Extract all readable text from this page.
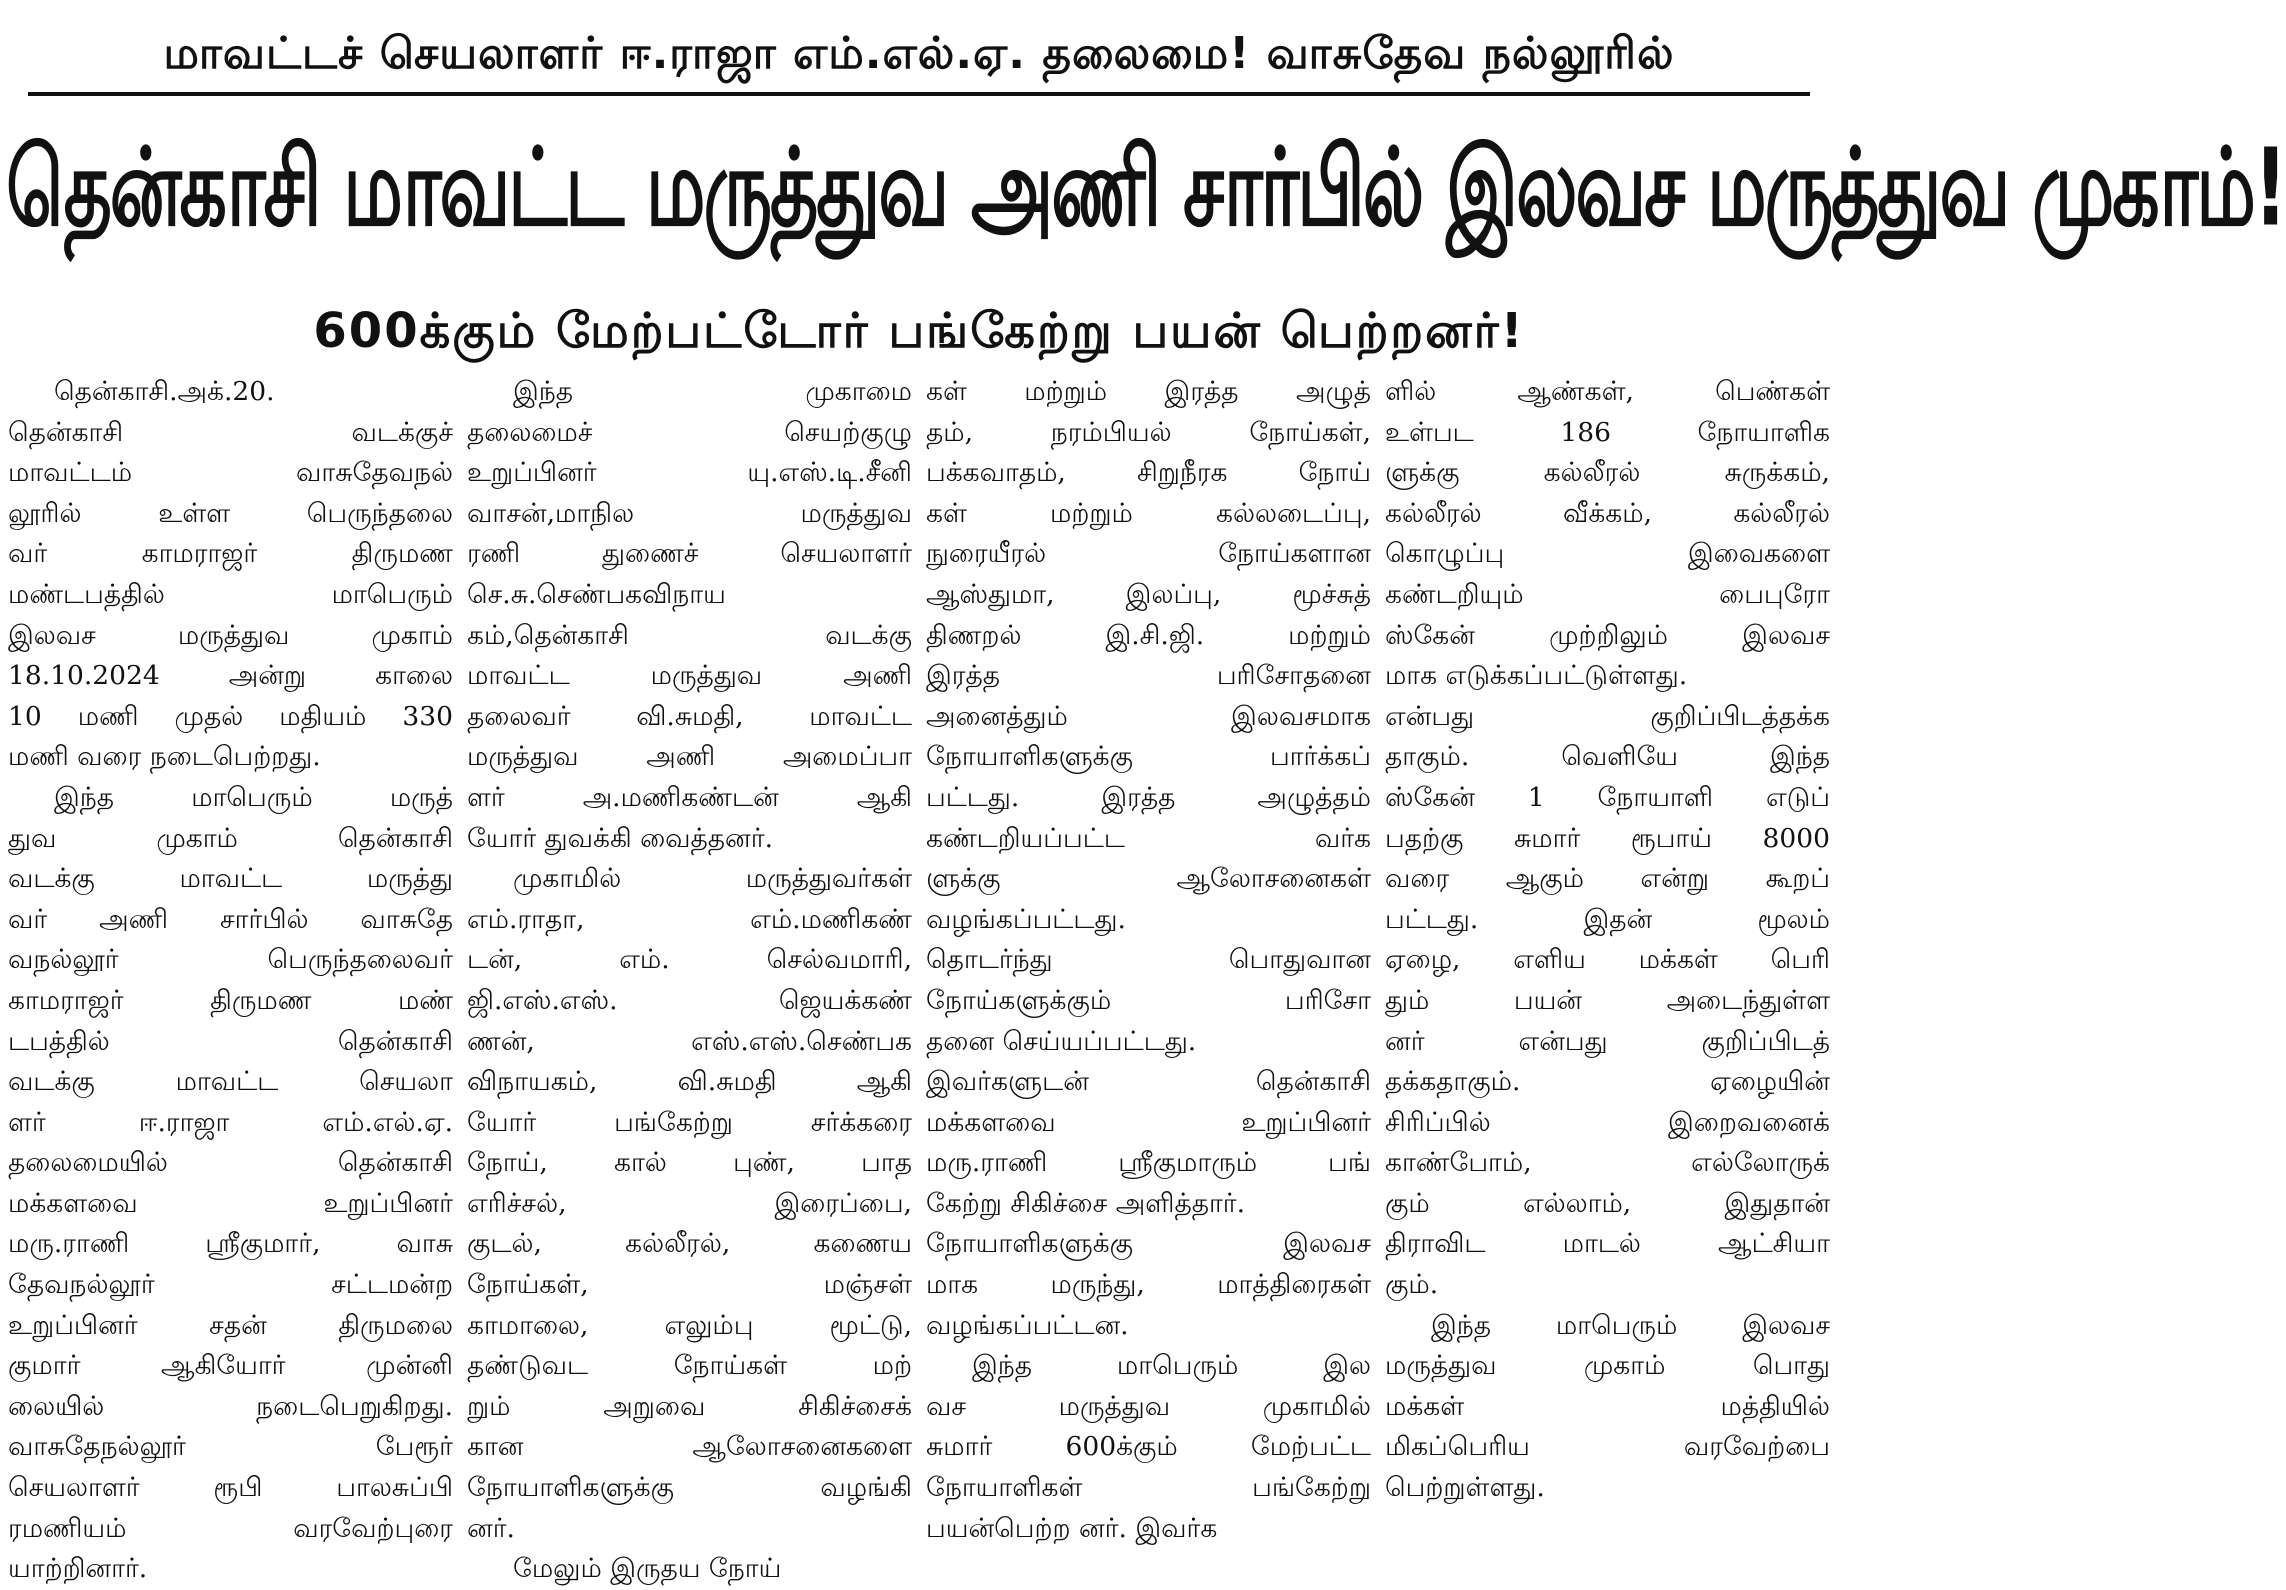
மாவட்டச் செயலாளர் ஈ.ராஜா எம்.எல்.ஏ. தலைமை! வாசுதேவ நல்லூரில்
தென்காசி மாவட்ட மருத்துவ அணி சார்பில் இலவச மருத்துவ முகாம்!
600க்கும் மேற்பட்டோர் பங்கேற்று பயன் பெற்றனர்!
தென்காசி.அக்.20.
தென்காசி வடக்குச்
மாவட்டம் வாசுதேவநல்
லூரில் உள்ள பெருந்தலை
வர் காமராஜர் திருமண
மண்டபத்தில் மாபெரும்
இலவச மருத்துவ முகாம்
18.10.2024 அன்று காலை
10 மணி முதல் மதியம் 330
மணி வரை நடைபெற்றது.
இந்த மாபெரும் மருத்
துவ முகாம் தென்காசி
வடக்கு மாவட்ட மருத்து
வர் அணி சார்பில் வாசுதே
வநல்லூர் பெருந்தலைவர்
காமராஜர் திருமண மண்
டபத்தில் தென்காசி
வடக்கு மாவட்ட செயலா
ளர் ஈ.ராஜா எம்.எல்.ஏ.
தலைமையில் தென்காசி
மக்களவை உறுப்பினர்
மரு.ராணி ஸ்ரீகுமார், வாசு
தேவநல்லூர் சட்டமன்ற
உறுப்பினர் சதன் திருமலை
குமார் ஆகியோர் முன்னி
லையில் நடைபெறுகிறது.
வாசுதேநல்லூர் பேரூர்
செயலாளர் ரூபி பாலசுப்பி
ரமணியம் வரவேற்புரை
யாற்றினார்.
இந்த முகாமை
தலைமைச் செயற்குழு
உறுப்பினர் யு.எஸ்.டி.சீனி
வாசன்,மாநில மருத்துவ
ரணி துணைச் செயலாளர்
செ.சு.செண்பகவிநாய
கம்,தென்காசி வடக்கு
மாவட்ட மருத்துவ அணி
தலைவர் வி.சுமதி, மாவட்ட
மருத்துவ அணி அமைப்பா
ளர் அ.மணிகண்டன் ஆகி
யோர் துவக்கி வைத்தனர்.
முகாமில் மருத்துவர்கள்
எம்.ராதா, எம்.மணிகண்
டன், எம். செல்வமாரி,
ஜி.எஸ்.எஸ். ஜெயக்கண்
ணன், எஸ்.எஸ்.செண்பக
விநாயகம், வி.சுமதி ஆகி
யோர் பங்கேற்று சர்க்கரை
நோய், கால் புண், பாத
எரிச்சல், இரைப்பை,
குடல், கல்லீரல், கணைய
நோய்கள், மஞ்சள்
காமாலை, எலும்பு மூட்டு,
தண்டுவட நோய்கள் மற்
றும் அறுவை சிகிச்சைக்
கான ஆலோசனைகளை
நோயாளிகளுக்கு வழங்கி
னர்.
மேலும் இருதய நோய்
கள் மற்றும் இரத்த அழுத்
தம், நரம்பியல் நோய்கள்,
பக்கவாதம், சிறுநீரக நோய்
கள் மற்றும் கல்லடைப்பு,
நுரையீரல் நோய்களான
ஆஸ்துமா, இலப்பு, மூச்சுத்
திணறல் இ.சி.ஜி. மற்றும்
இரத்த பரிசோதனை
அனைத்தும் இலவசமாக
நோயாளிகளுக்கு பார்க்கப்
பட்டது. இரத்த அழுத்தம்
கண்டறியப்பட்ட வர்க
ளுக்கு ஆலோசனைகள்
வழங்கப்பட்டது.
தொடர்ந்து பொதுவான
நோய்களுக்கும் பரிசோ
தனை செய்யப்பட்டது.
இவர்களுடன் தென்காசி
மக்களவை உறுப்பினர்
மரு.ராணி ஸ்ரீகுமாரும் பங்
கேற்று சிகிச்சை அளித்தார்.
நோயாளிகளுக்கு இலவச
மாக மருந்து, மாத்திரைகள்
வழங்கப்பட்டன.
இந்த மாபெரும் இல
வச மருத்துவ முகாமில்
சுமார் 600க்கும் மேற்பட்ட
நோயாளிகள் பங்கேற்று
பயன்பெற்ற னர். இவர்க
ளில் ஆண்கள், பெண்கள்
உள்பட 186 நோயாளிக
ளுக்கு கல்லீரல் சுருக்கம்,
கல்லீரல் வீக்கம், கல்லீரல்
கொழுப்பு இவைகளை
கண்டறியும் பைபுரோ
ஸ்கேன் முற்றிலும் இலவச
மாக எடுக்கப்பட்டுள்ளது.
என்பது குறிப்பிடத்தக்க
தாகும். வெளியே இந்த
ஸ்கேன் 1 நோயாளி எடுப்
பதற்கு சுமார் ரூபாய் 8000
வரை ஆகும் என்று கூறப்
பட்டது. இதன் மூலம்
ஏழை, எளிய மக்கள் பெரி
தும் பயன் அடைந்துள்ள
னர் என்பது குறிப்பிடத்
தக்கதாகும். ஏழையின்
சிரிப்பில் இறைவனைக்
காண்போம், எல்லோருக்
கும் எல்லாம், இதுதான்
திராவிட மாடல் ஆட்சியா
கும்.
இந்த மாபெரும் இலவச
மருத்துவ முகாம் பொது
மக்கள் மத்தியில்
மிகப்பெரிய வரவேற்பை
பெற்றுள்ளது.
